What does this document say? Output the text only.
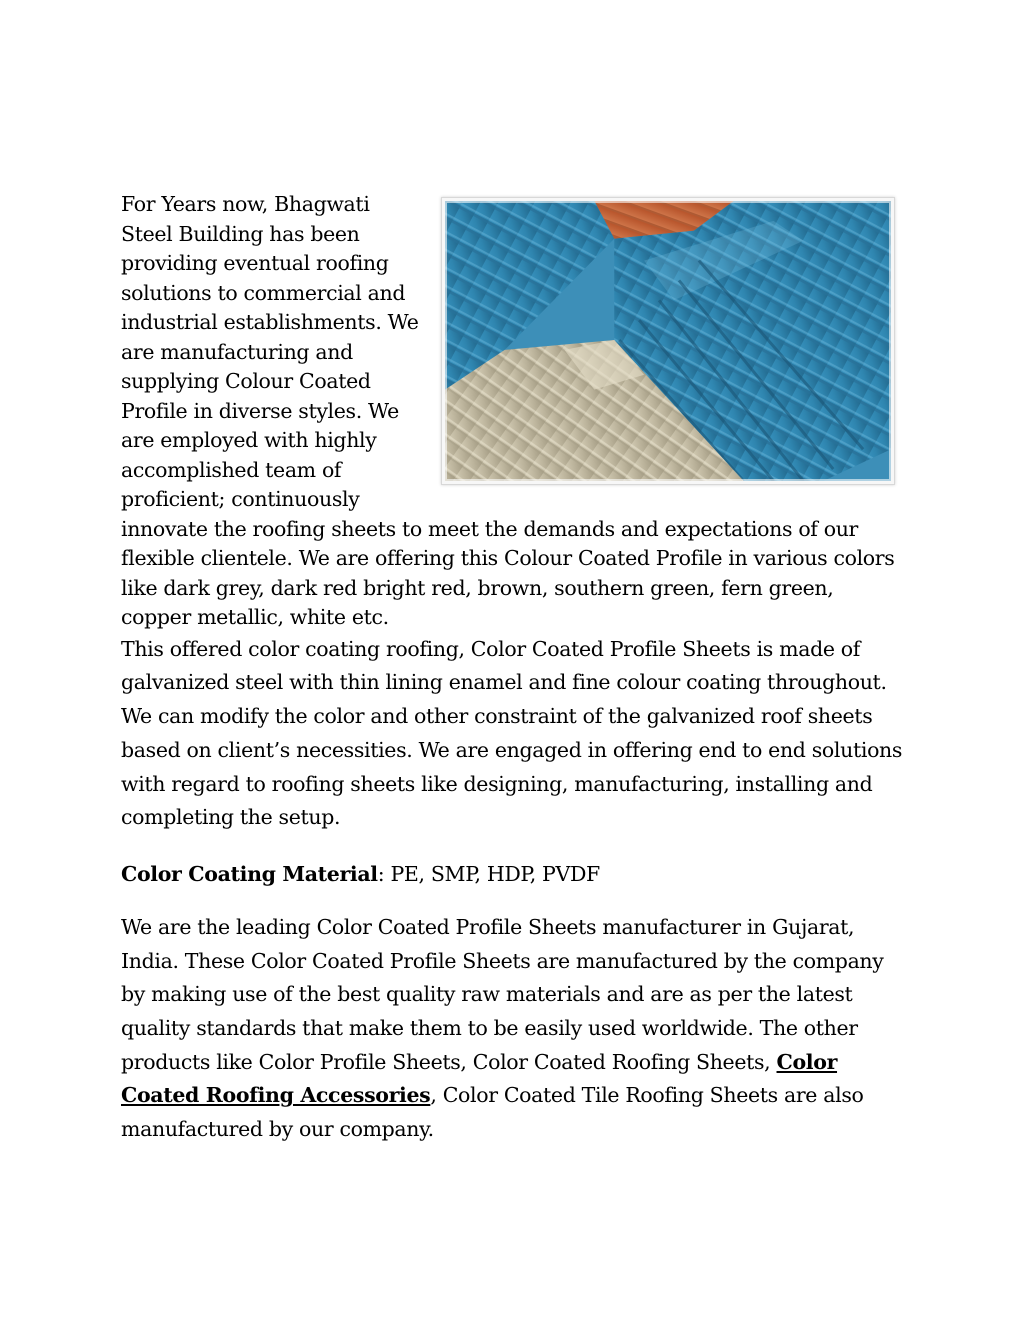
For Years now, Bhagwati Steel Building has been providing eventual roofing solutions to commercial and industrial establishments. We are manufacturing and supplying Colour Coated Profile in diverse styles. We are employed with highly accomplished team of proficient; continuously innovate the roofing sheets to meet the demands and expectations of our flexible clientele. We are offering this Colour Coated Profile in various colors like dark grey, dark red bright red, brown, southern green, fern green, copper metallic, white etc.

This offered color coating roofing, Color Coated Profile Sheets is made of galvanized steel with thin lining enamel and fine colour coating throughout. We can modify the color and other constraint of the galvanized roof sheets based on client’s necessities. We are engaged in offering end to end solutions with regard to roofing sheets like designing, manufacturing, installing and completing the setup.

Color Coating Material: PE, SMP, HDP, PVDF

We are the leading Color Coated Profile Sheets manufacturer in Gujarat, India. These Color Coated Profile Sheets are manufactured by the company by making use of the best quality raw materials and are as per the latest quality standards that make them to be easily used worldwide. The other products like Color Profile Sheets, Color Coated Roofing Sheets, Color Coated Roofing Accessories, Color Coated Tile Roofing Sheets are also manufactured by our company.
